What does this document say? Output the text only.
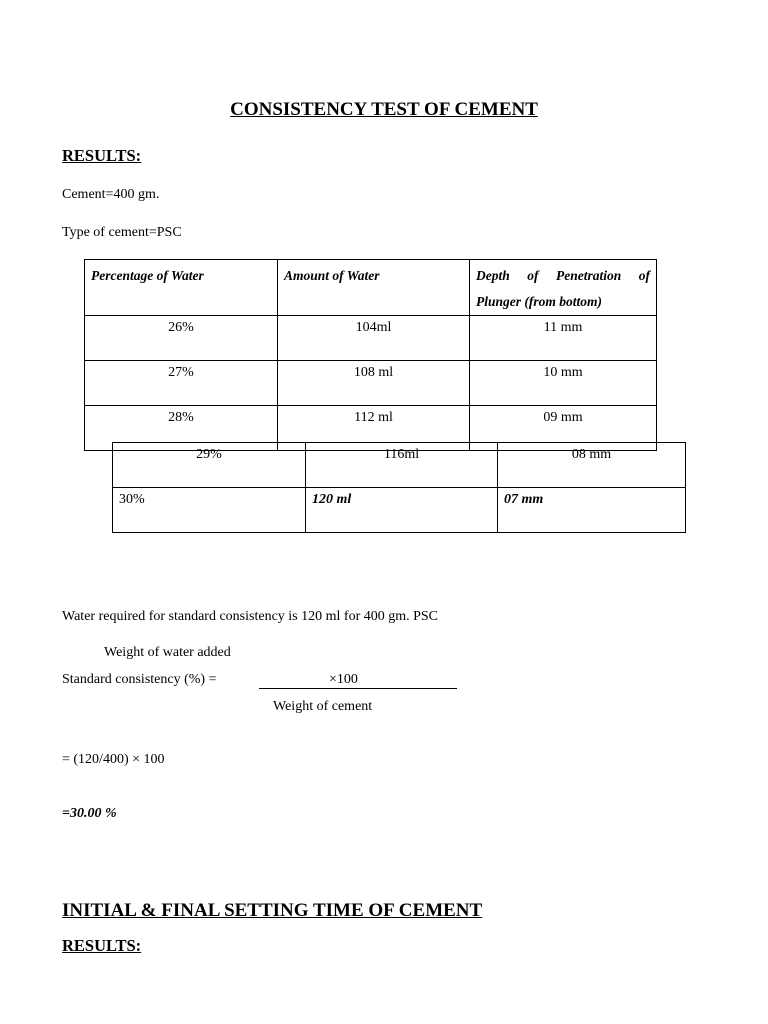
CONSISTENCY TEST OF CEMENT
RESULTS:
Cement=400 gm.
Type of cement=PSC
Percentage of Water	Amount of Water	Depth of Penetration of
Plunger (from bottom)

26%	104ml	11 mm

27%	108 ml	10 mm

28%	112 ml	09 mm
29%	116ml	08 mm

30%	120 ml	07 mm
Water required for standard consistency is 120 ml for 400 gm. PSC
Weight of water added
Standard consistency (%) =	×100
Weight of cement
= (120/400) × 100
=30.00 %
INITIAL & FINAL SETTING TIME OF CEMENT
RESULTS:
